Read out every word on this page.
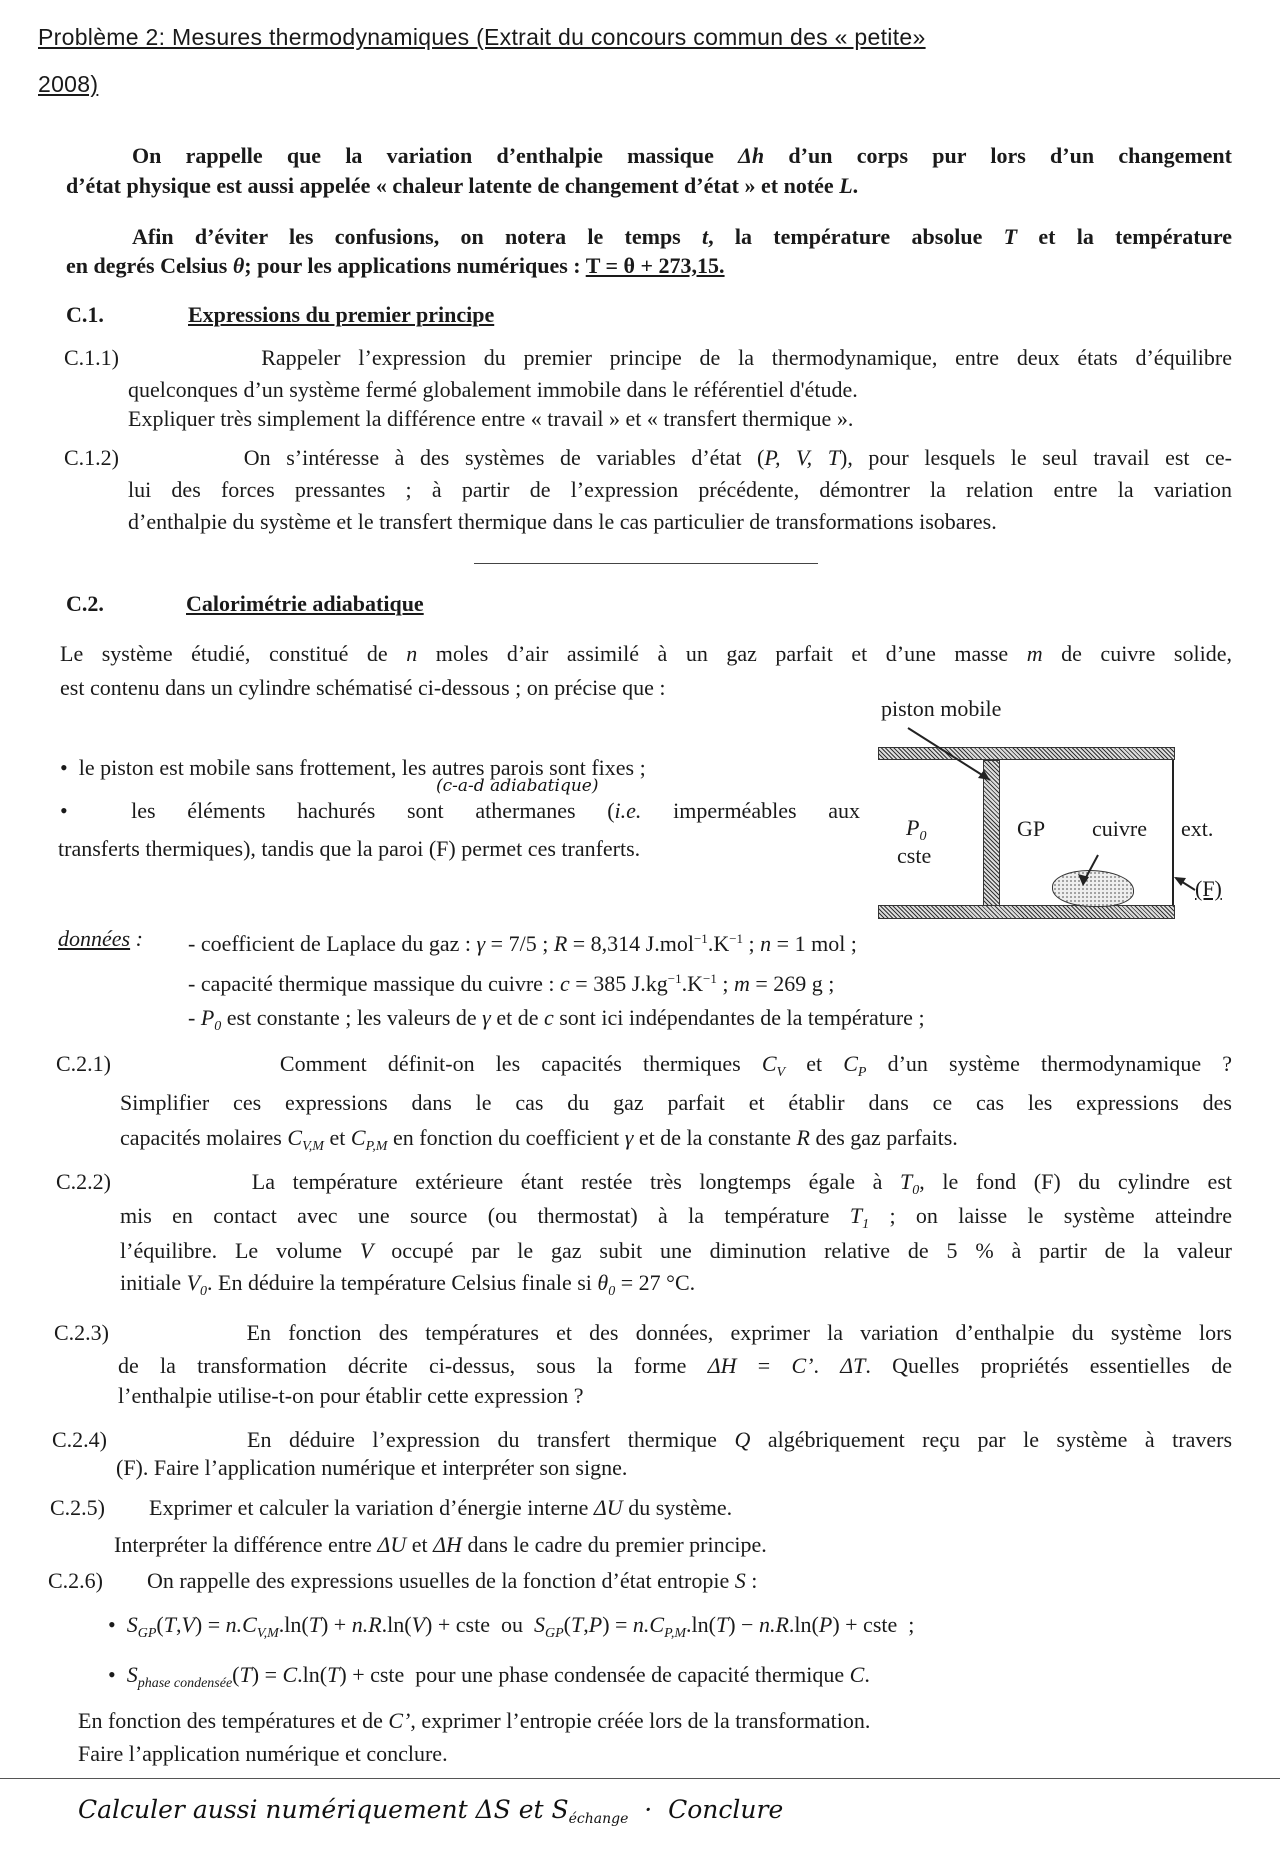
Problème 2: Mesures thermodynamiques (Extrait du concours commun des « petite»
2008)
On rappelle que la variation d’enthalpie massique Δh d’un corps pur lors d’un changement
d’état physique est aussi appelée « chaleur latente de changement d’état » et notée L.
Afin d’éviter les confusions, on notera le temps t, la température absolue T et la température
en degrés Celsius θ; pour les applications numériques : T = θ + 273,15.
C.1.	Expressions du premier principe
C.1.1)        Rappeler l’expression du premier principe de la thermodynamique, entre deux états d’équilibre
quelconques d’un système fermé globalement immobile dans le référentiel d'étude.
Expliquer très simplement la différence entre « travail » et « transfert thermique ».
C.1.2)        On s’intéresse à des systèmes de variables d’état (P, V, T), pour lesquels le seul travail est ce-
lui des forces pressantes ; à partir de l’expression précédente, démontrer la relation entre la variation
d’enthalpie du système et le transfert thermique dans le cas particulier de transformations isobares.
C.2.	Calorimétrie adiabatique
Le système étudié, constitué de n moles d’air assimilé à un gaz parfait et d’une masse m de cuivre solide,
est contenu dans un cylindre schématisé ci-dessous ; on précise que :
•  le piston est mobile sans frottement, les autres parois sont fixes ;
(c-a-d adiabatique)
•  les éléments hachurés sont athermanes (i.e. imperméables aux
transferts thermiques), tandis que la paroi (F) permet ces tranferts.
piston mobile
$P_0$
cste
GP cuivre ext.
(F)
données : - coefficient de Laplace du gaz : γ = 7/5 ; R = 8,314 $J.mol^{-1}.K^{-1}$ ; n = 1 mol ;
- capacité thermique massique du cuivre : c = 385 $J.kg^{-1}.K^{-1}$ ; m = 269 g ;
- $P_0$ est constante ; les valeurs de γ et de c sont ici indépendantes de la température ;
C.2.1)        Comment définit-on les capacités thermiques $C_V$ et $C_P$ d’un système thermodynamique ?
Simplifier ces expressions dans le cas du gaz parfait et établir dans ce cas les expressions des
capacités molaires $C_{V,M}$ et $C_{P,M}$ en fonction du coefficient γ et de la constante R des gaz parfaits.
C.2.2)        La température extérieure étant restée très longtemps égale à $T_0$, le fond (F) du cylindre est
mis en contact avec une source (ou thermostat) à la température $T_1$ ; on laisse le système atteindre
l’équilibre. Le volume V occupé par le gaz subit une diminution relative de 5 % à partir de la valeur
initiale $V_0$. En déduire la température Celsius finale si $\theta_0 = 27$ °C.
C.2.3)        En fonction des températures et des données, exprimer la variation d’enthalpie du système lors
de la transformation décrite ci-dessus, sous la forme ΔH = C’. ΔT. Quelles propriétés essentielles de
l’enthalpie utilise-t-on pour établir cette expression ?
C.2.4)        En déduire l’expression du transfert thermique Q algébriquement reçu par le système à travers
(F). Faire l’application numérique et interpréter son signe.
C.2.5)        Exprimer et calculer la variation d’énergie interne ΔU du système.
Interpréter la différence entre ΔU et ΔH dans le cadre du premier principe.
C.2.6)        On rappelle des expressions usuelles de la fonction d’état entropie S :
•  $S_{GP}(T,V) = n.C_{V,M}.\ln(T) + n.R.\ln(V)$ + cste  ou  $S_{GP}(T,P) = n.C_{P,M}.\ln(T) - n.R.\ln(P)$ + cste  ;
•  $S_{phase condensée}(T) = C.\ln(T)$ + cste  pour une phase condensée de capacité thermique C.
En fonction des températures et de C’, exprimer l’entropie créée lors de la transformation.
Faire l’application numérique et conclure.
Calculer aussi numériquement ΔS et $S_{échange}$  ·  Conclure
